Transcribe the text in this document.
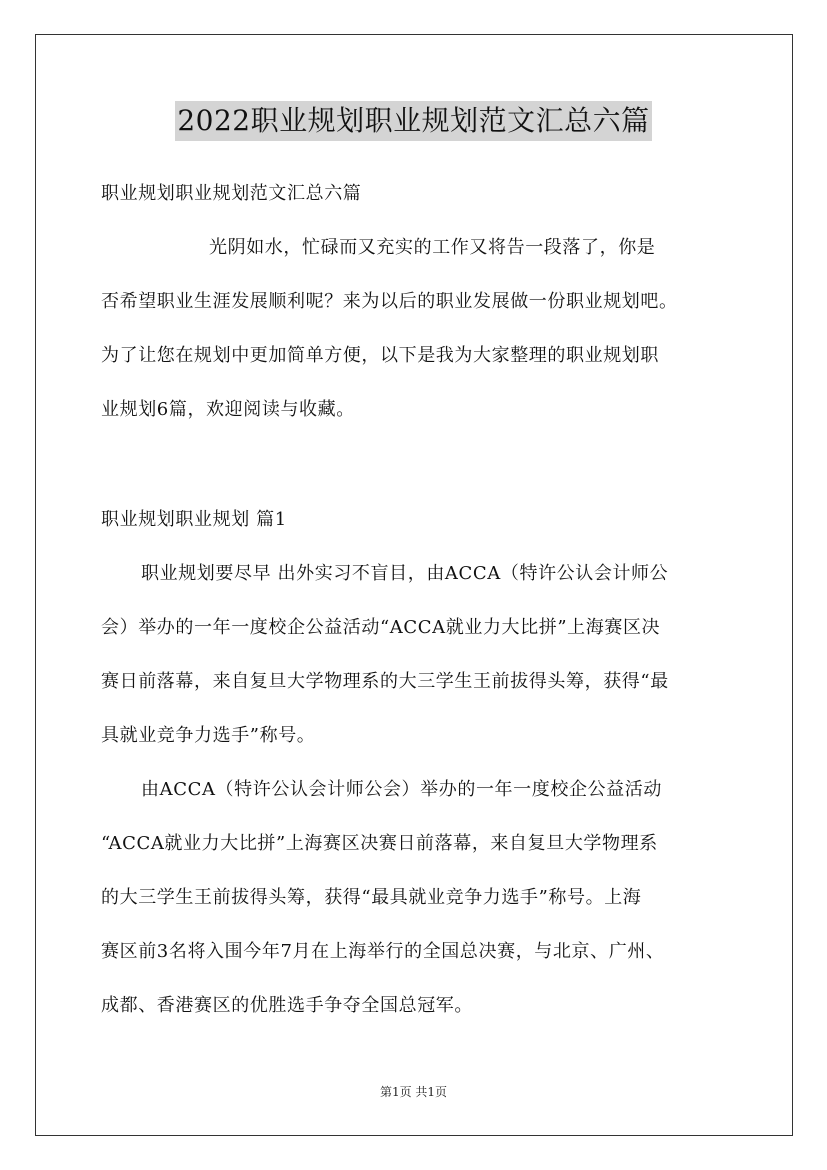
2022职业规划职业规划范文汇总六篇
职业规划职业规划范文汇总六篇
光阴如水，忙碌而又充实的工作又将告一段落了，你是
否希望职业生涯发展顺利呢？来为以后的职业发展做一份职业规划吧。
为了让您在规划中更加简单方便，以下是我为大家整理的职业规划职
业规划6篇，欢迎阅读与收藏。
职业规划职业规划 篇1
职业规划要尽早 出外实习不盲目，由ACCA（特许公认会计师公
会）举办的一年一度校企公益活动“ACCA就业力大比拼”上海赛区决
赛日前落幕，来自复旦大学物理系的大三学生王前拔得头筹，获得“最
具就业竞争力选手”称号。
由ACCA（特许公认会计师公会）举办的一年一度校企公益活动
“ACCA就业力大比拼”上海赛区决赛日前落幕，来自复旦大学物理系
的大三学生王前拔得头筹，获得“最具就业竞争力选手”称号。上海
赛区前3名将入围今年7月在上海举行的全国总决赛，与北京、广州、
成都、香港赛区的优胜选手争夺全国总冠军。
第1页 共1页
